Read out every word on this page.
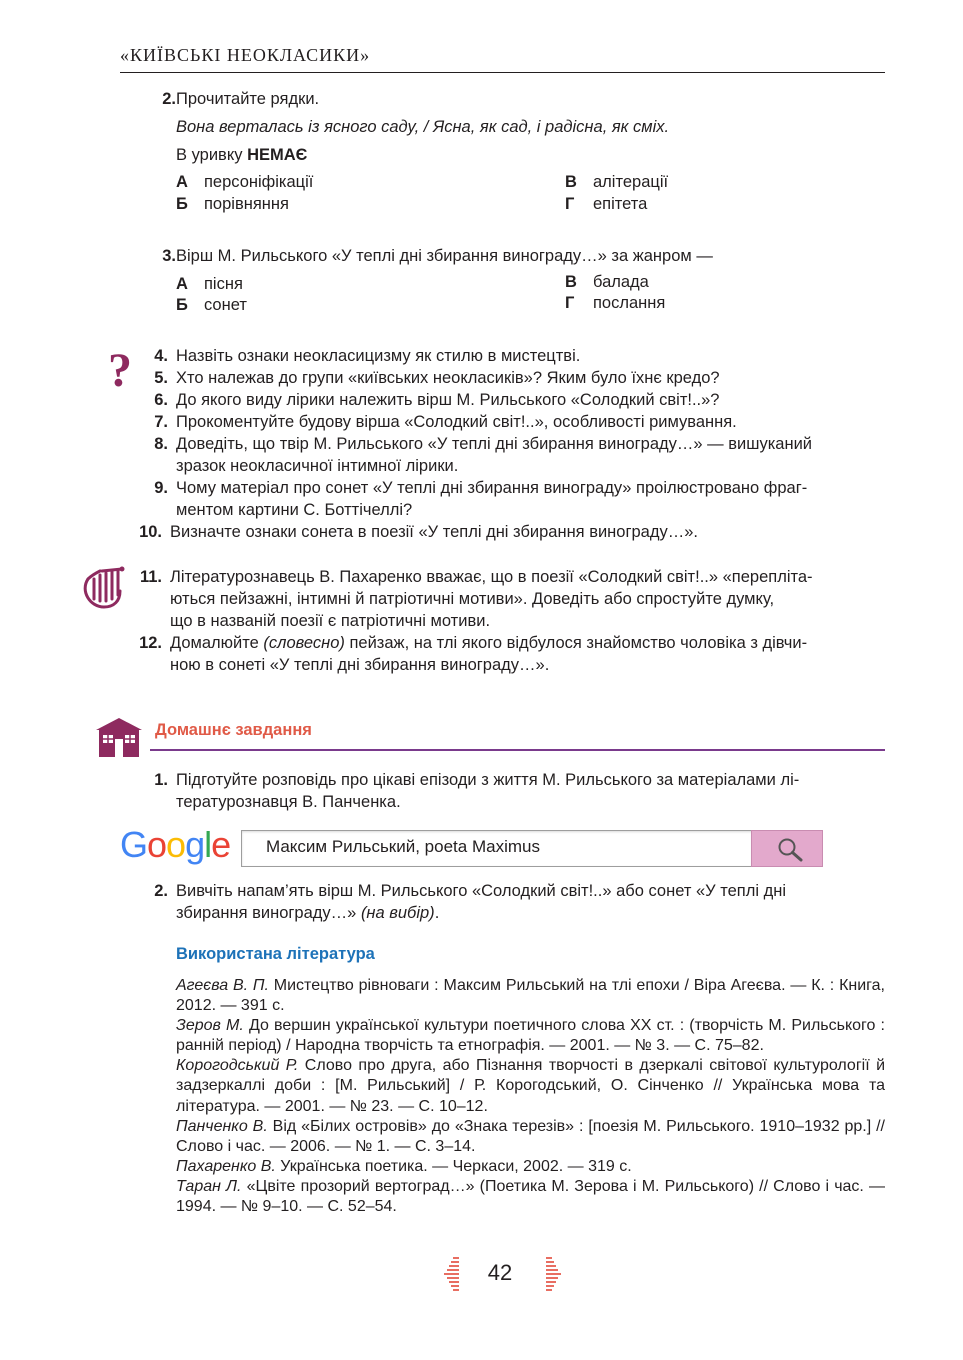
«КИЇВСЬКІ НЕОКЛАСИКИ»
2. Прочитайте рядки.
Вона верталась із ясного саду, / Ясна, як сад, і радісна, як сміх.
В уривку НЕМАЄ
А персоніфікації
Б порівняння
В алітерації
Г епітета
3. Вірш М. Рильського «У теплі дні збирання винограду…» за жанром —
А пісня
Б сонет
В балада
Г послання
?	4. Назвіть ознаки неокласицизму як стилю в мистецтві.
5. Хто належав до групи «київських неокласиків»? Яким було їхнє кредо?
6. До якого виду лірики належить вірш М. Рильського «Солодкий світ!..»?
7. Прокоментуйте будову вірша «Солодкий світ!..», особливості римування.
8. Доведіть, що твір М. Рильського «У теплі дні збирання винограду…» — вишуканий
зразок неокласичної інтимної лірики.
9. Чому матеріал про сонет «У теплі дні збирання винограду» проілюстровано фраг-
ментом картини С. Боттічеллі?
10. Визначте ознаки сонета в поезії «У теплі дні збирання винограду…».
11. Літературознавець В. Пахаренко вважає, що в поезії «Солодкий світ!..» «перепліта-
ються пейзажні, інтимні й патріотичні мотиви». Доведіть або спростуйте думку,
що в названій поезії є патріотичні мотиви.
12. Домалюйте (словесно) пейзаж, на тлі якого відбулося знайомство чоловіка з дівчи-
ною в сонеті «У теплі дні збирання винограду…».
Домашнє завдання
1. Підготуйте розповідь про цікаві епізоди з життя М. Рильського за матеріалами лі-
тературознавця В. Панченка.
Google Максим Рильський, poeta Maximus
2. Вивчіть напам’ять вірш М. Рильського «Солодкий світ!..» або сонет «У теплі дні
збирання винограду…» (на вибір).
Використана література
Агеєва В. П. Мистецтво рівноваги : Максим Рильський на тлі епохи / Віра Агеєва. — К. : Книга, 2012. — 391 с.
Зеров М. До вершин української культури поетичного слова ХХ ст. : (творчість М. Рильського : ранній період) / Народна творчість та етнографія. — 2001. — № 3. — С. 75–82.
Корогодський Р. Слово про друга, або Пізнання творчості в дзеркалі світової культурології й задзеркаллі доби : [М. Рильський] / Р. Корогодський, О. Сінченко // Українська мова та література. — 2001. — № 23. — С. 10–12.
Панченко В. Від «Білих островів» до «Знака терезів» : [поезія М. Рильського. 1910–1932 рр.] // Слово і час. — 2006. — № 1. — С. 3–14.
Пахаренко В. Українська поетика. — Черкаси, 2002. — 319 с.
Таран Л. «Цвіте прозорий вертоград…» (Поетика М. Зерова і М. Рильського) // Слово і час. — 1994. — № 9–10. — С. 52–54.
42
